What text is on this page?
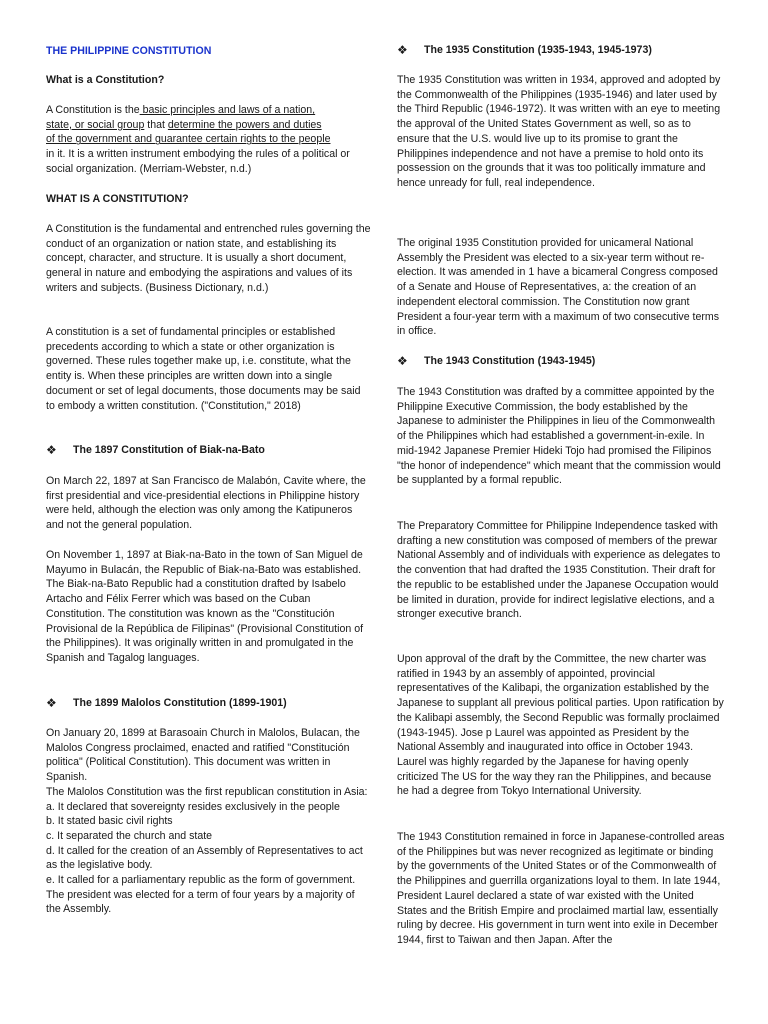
THE PHILIPPINE CONSTITUTION

What is a Constitution?

A Constitution is the basic principles and laws of a nation,
state, or social group that determine the powers and duties
of the government and guarantee certain rights to the people
in it. It is a written instrument embodying the rules of a political or social organization. (Merriam-Webster, n.d.)

WHAT IS A CONSTITUTION?

A Constitution is the fundamental and entrenched rules governing the conduct of an organization or nation state, and establishing its concept, character, and structure. It is usually a short document, general in nature and embodying the aspirations and values of its writers and subjects. (Business Dictionary, n.d.)

A constitution is a set of fundamental principles or established precedents according to which a state or other organization is governed. These rules together make up, i.e. constitute, what the entity is. When these principles are written down into a single document or set of legal documents, those documents may be said to embody a written constitution. ("Constitution," 2018)

❖	The 1897 Constitution of Biak-na-Bato

On March 22, 1897 at San Francisco de Malabón, Cavite where, the first presidential and vice-presidential elections in Philippine history were held, although the election was only among the Katipuneros and not the general population.

On November 1, 1897 at Biak-na-Bato in the town of San Miguel de Mayumo in Bulacán, the Republic of Biak-na-Bato was established. The Biak-na-Bato Republic had a constitution drafted by Isabelo Artacho and Félix Ferrer which was based on the Cuban Constitution. The constitution was known as the "Constitución Provisional de la República de Filipinas" (Provisional Constitution of the Philippines). It was originally written in and promulgated in the Spanish and Tagalog languages.

❖	The 1899 Malolos Constitution (1899-1901)

On January 20, 1899 at Barasoain Church in Malolos, Bulacan, the Malolos Congress proclaimed, enacted and ratified "Constitución politica" (Political Constitution). This document was written in Spanish.

The Malolos Constitution was the first republican constitution in Asia:

a. It declared that sovereignty resides exclusively in the people

b. It stated basic civil rights

c. It separated the church and state

d. It called for the creation of an Assembly of Representatives to act as the legislative body.

e. It called for a parliamentary republic as the form of government. The president was elected for a term of four years by a majority of the Assembly.

❖	The 1935 Constitution (1935-1943, 1945-1973)

The 1935 Constitution was written in 1934, approved and adopted by the Commonwealth of the Philippines (1935-1946) and later used by the Third Republic (1946-1972). It was written with an eye to meeting the approval of the United States Government as well, so as to ensure that the U.S. would live up to its promise to grant the Philippines independence and not have a premise to hold onto its possession on the grounds that it was too politically immature and hence unready for full, real independence.

The original 1935 Constitution provided for unicameral National Assembly the President was elected to a six-year term without re-election. It was amended in 1 have a bicameral Congress composed of a Senate and House of Representatives, a: the creation of an independent electoral commission. The Constitution now grant President a four-year term with a maximum of two consecutive terms in office.

❖	The 1943 Constitution (1943-1945)

The 1943 Constitution was drafted by a committee appointed by the Philippine Executive Commission, the body established by the Japanese to administer the Philippines in lieu of the Commonwealth of the Philippines which had established a government-in-exile. In mid-1942 Japanese Premier Hideki Tojo had promised the Filipinos "the honor of independence" which meant that the commission would be supplanted by a formal republic.

The Preparatory Committee for Philippine Independence tasked with drafting a new constitution was composed of members of the prewar National Assembly and of individuals with experience as delegates to the convention that had drafted the 1935 Constitution. Their draft for the republic to be established under the Japanese Occupation would be limited in duration, provide for indirect legislative elections, and a stronger executive branch.

Upon approval of the draft by the Committee, the new charter was ratified in 1943 by an assembly of appointed, provincial representatives of the Kalibapi, the organization established by the Japanese to supplant all previous political parties. Upon ratification by the Kalibapi assembly, the Second Republic was formally proclaimed (1943-1945). Jose p Laurel was appointed as President by the National Assembly and inaugurated into office in October 1943. Laurel was highly regarded by the Japanese for having openly criticized The US for the way they ran the Philippines, and because he had a degree from Tokyo International University.

The 1943 Constitution remained in force in Japanese-controlled areas of the Philippines but was never recognized as legitimate or binding by the governments of the United States or of the Commonwealth of the Philippines and guerrilla organizations loyal to them. In late 1944, President Laurel declared a state of war existed with the United States and the British Empire and proclaimed martial law, essentially ruling by decree. His government in turn went into exile in December 1944, first to Taiwan and then Japan. After the
